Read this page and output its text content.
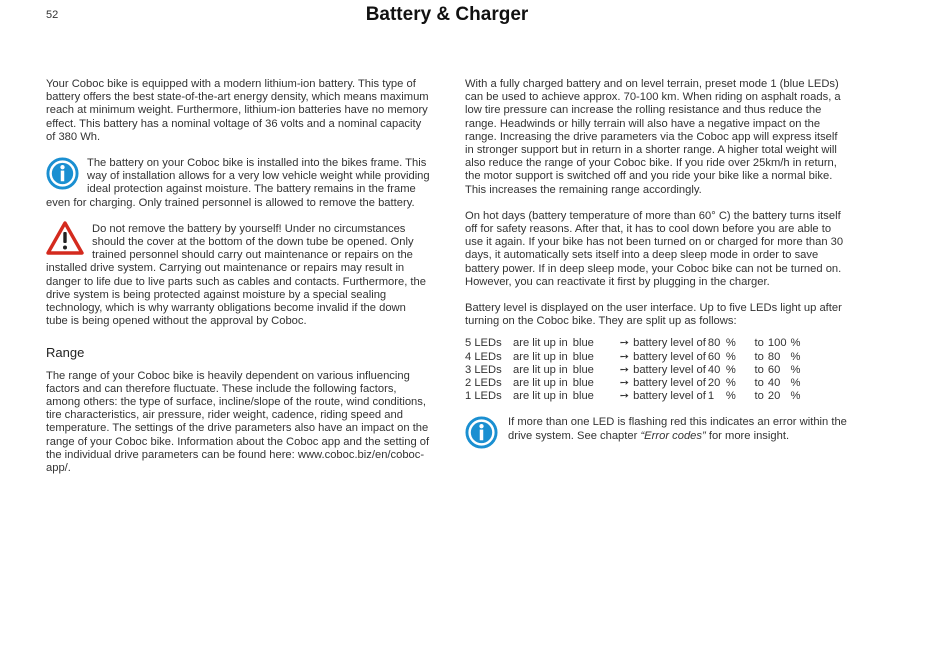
52	Battery & Charger

Your Coboc bike is equipped with a modern lithium-ion battery. This type of battery offers the best state-of-the-art energy density, which means maximum reach at minimum weight. Furthermore, lithium-ion batteries have no memory effect. This battery has a nominal voltage of 36 volts and a nominal capacity of 380 Wh.

The battery on your Coboc bike is installed into the bikes frame. This way of installation allows for a very low vehicle weight while providing ideal protection against moisture. The battery remains in the frame even for charging. Only trained personnel is allowed to remove the battery.
Do not remove the battery by yourself! Under no circumstances should the cover at the bottom of the down tube be opened. Only trained personnel should carry out maintenance or repairs on the installed drive system. Carrying out maintenance or repairs may result in danger to life due to live parts such as cables and contacts. Furthermore, the drive system is being protected against moisture by a special sealing technology, which is why warranty obligations become invalid if the down tube is being opened without the approval by Coboc.
Range

The range of your Coboc bike is heavily dependent on various influencing factors and can therefore fluctuate. These include the following factors, among others: the type of surface, incline/slope of the route, wind conditions, tire characteristics, air pressure, rider weight, cadence, riding speed and temperature. The settings of the drive parameters also have an impact on the range of your Coboc bike. Information about the Coboc app and the setting of the individual drive parameters can be found here: www.coboc.biz/en/coboc-app/.

With a fully charged battery and on level terrain, preset mode 1 (blue LEDs) can be used to achieve approx. 70-100 km. When riding on asphalt roads, a low tire pressure can increase the rolling resistance and thus reduce the range. Headwinds or hilly terrain will also have a negative impact on the range. Increasing the drive parameters via the Coboc app will express itself in stronger support but in return in a shorter range. A higher total weight will also reduce the range of your Coboc bike. If you ride over 25km/h in return, the motor support is switched off and you ride your bike like a normal bike. This increases the remaining range accordingly.

On hot days (battery temperature of more than 60° C) the battery turns itself off for safety reasons. After that, it has to cool down before you are able to use it again. If your bike has not been turned on or charged for more than 30 days, it automatically sets itself into a deep sleep mode in order to save battery power. If in deep sleep mode, your Coboc bike can not be turned on. However, you can reactivate it first by plugging in the charger.

Battery level is displayed on the user interface. Up to five LEDs light up after turning on the Coboc bike. They are split up as follows:

5 LEDs	are lit up in	blue	➙	battery level of	80	%	to	100	%
4 LEDs	are lit up in	blue	➙	battery level of	60	%	to	80	%
3 LEDs	are lit up in	blue	➙	battery level of	40	%	to	60	%
2 LEDs	are lit up in	blue	➙	battery level of	20	%	to	40	%
1 LEDs	are lit up in	blue	➙	battery level of	1	%	to	20	%
If more than one LED is flashing red this indicates an error within the drive system. See chapter “Error codes” for more insight.
